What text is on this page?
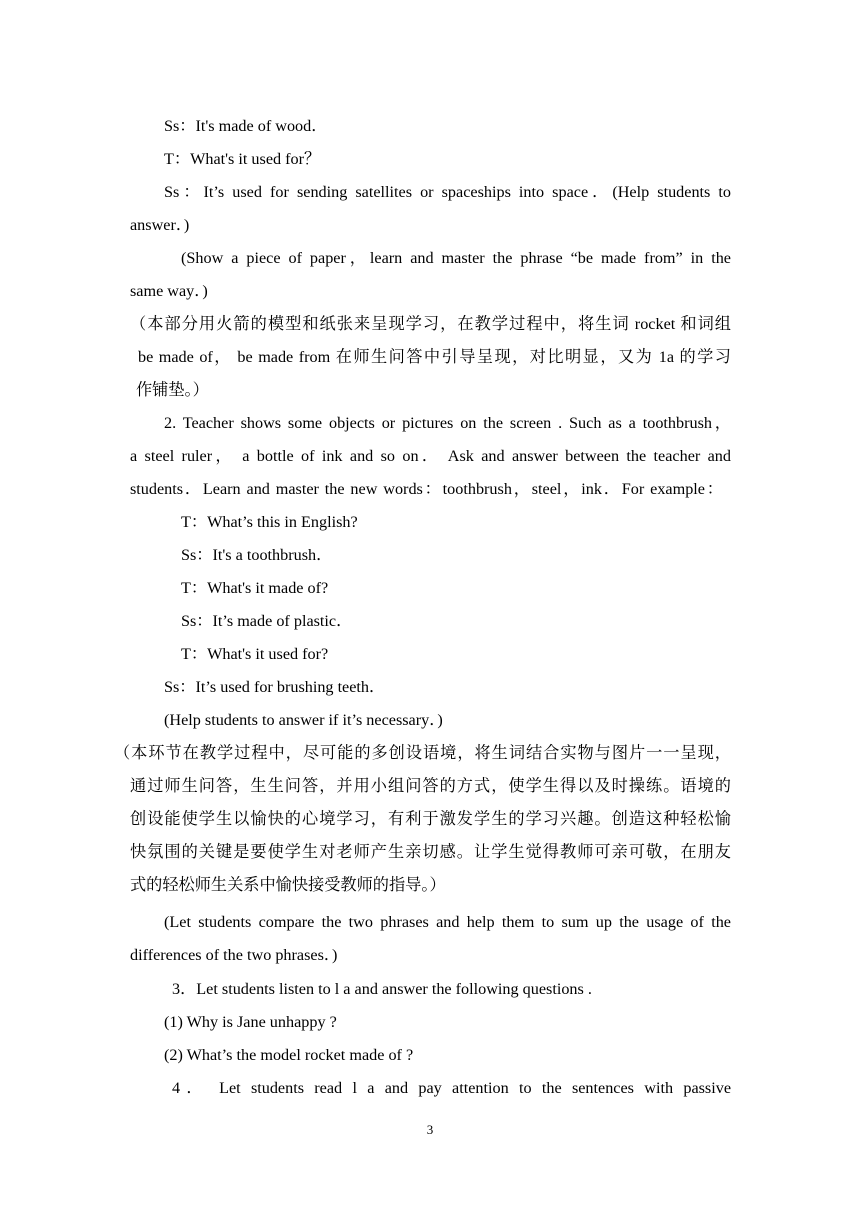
Ss：It's made of wood．
T：What's it used for？
Ss：It’s used for sending satellites or spaceships into space．(Help students to
answer．)
(Show a piece of paper，learn and master the phrase “be made from” in the
same way．)
（本部分用火箭的模型和纸张来呈现学习，在教学过程中，将生词 rocket 和词组
be made of， be made from 在师生问答中引导呈现，对比明显，又为 1a 的学习
作铺垫。）
2. Teacher shows some objects or pictures on the screen . Such as a toothbrush，
a steel ruler， a bottle of ink and so on． Ask and answer between the teacher and
students．Learn and master the new words：toothbrush，steel，ink．For example：
T：What’s this in English?
Ss：It's a toothbrush．
T：What's it made of?
Ss：It’s made of plastic．
T：What's it used for?
Ss：It’s used for brushing teeth．
(Help students to answer if it’s necessary．)
（本环节在教学过程中，尽可能的多创设语境，将生词结合实物与图片一一呈现，
通过师生问答，生生问答，并用小组问答的方式，使学生得以及时操练。语境的
创设能使学生以愉快的心境学习，有利于激发学生的学习兴趣。创造这种轻松愉
快氛围的关键是要使学生对老师产生亲切感。让学生觉得教师可亲可敬，在朋友
式的轻松师生关系中愉快接受教师的指导。）
(Let students compare the two phrases and help them to sum up the usage of the
differences of the two phrases．)
3．Let students listen to l a and answer the following questions .
(1) Why is Jane unhappy ?
(2) What’s the model rocket made of ?
4． Let students read l a and pay attention to the sentences with passive
3
